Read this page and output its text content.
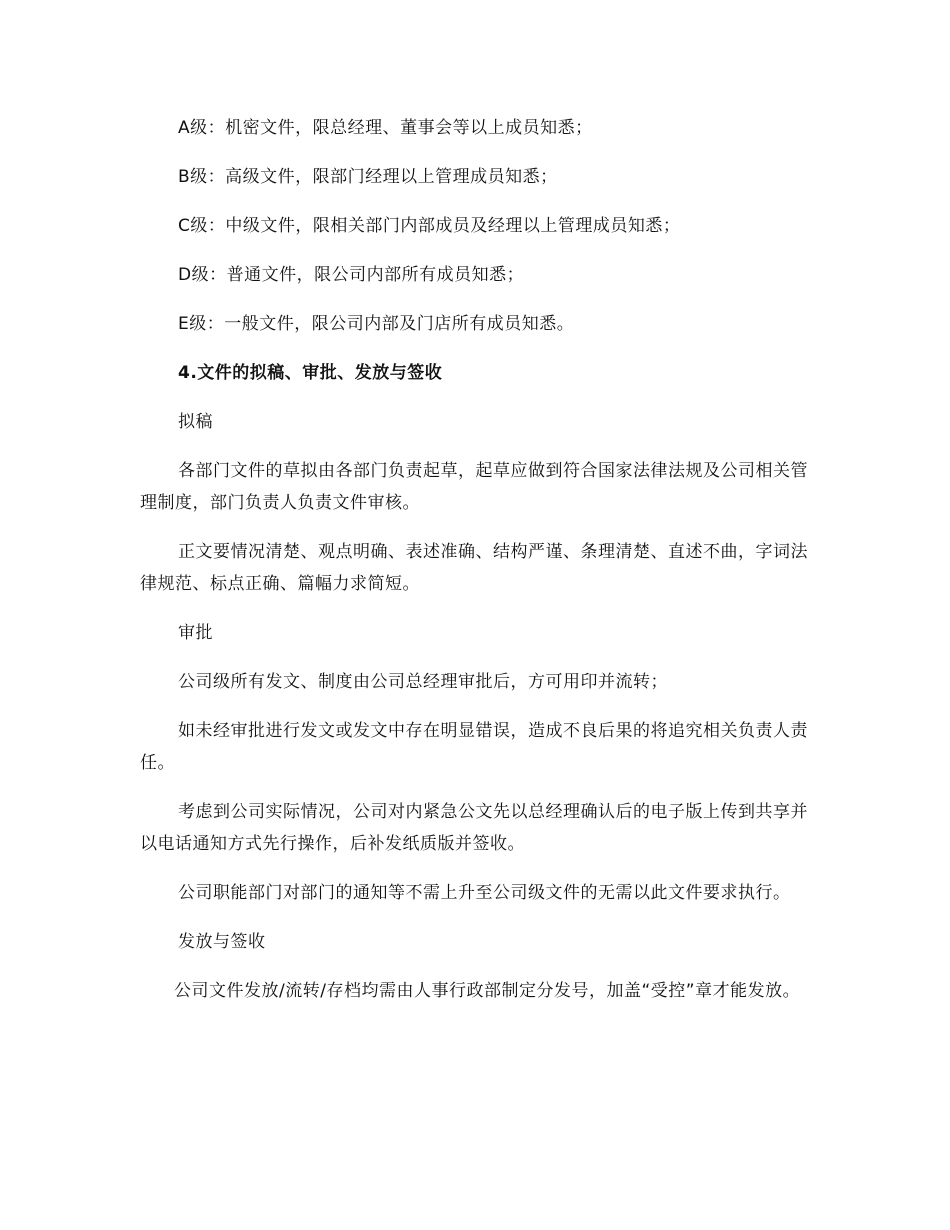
A级：机密文件，限总经理、董事会等以上成员知悉；

B级：高级文件，限部门经理以上管理成员知悉；

C级：中级文件，限相关部门内部成员及经理以上管理成员知悉；

D级：普通文件，限公司内部所有成员知悉；

E级：一般文件，限公司内部及门店所有成员知悉。

4.文件的拟稿、审批、发放与签收

拟稿

各部门文件的草拟由各部门负责起草，起草应做到符合国家法律法规及公司相关管理制度，部门负责人负责文件审核。

正文要情况清楚、观点明确、表述准确、结构严谨、条理清楚、直述不曲，字词法律规范、标点正确、篇幅力求简短。

审批

公司级所有发文、制度由公司总经理审批后，方可用印并流转；

如未经审批进行发文或发文中存在明显错误，造成不良后果的将追究相关负责人责任。

考虑到公司实际情况，公司对内紧急公文先以总经理确认后的电子版上传到共享并以电话通知方式先行操作，后补发纸质版并签收。

公司职能部门对部门的通知等不需上升至公司级文件的无需以此文件要求执行。

发放与签收

公司文件发放/流转/存档均需由人事行政部制定分发号，加盖“受控”章才能发放。
